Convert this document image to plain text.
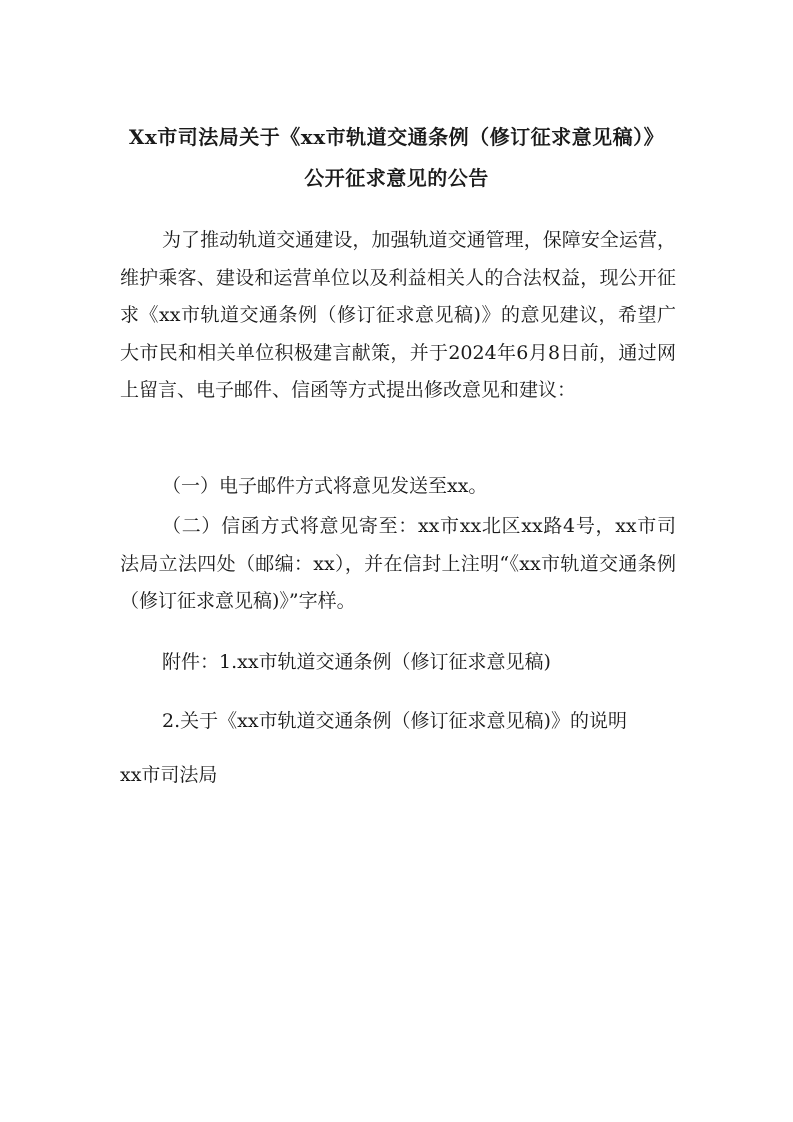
Xx市司法局关于《xx市轨道交通条例（修订征求意见稿）》
公开征求意见的公告

为了推动轨道交通建设，加强轨道交通管理，保障安全运营，维护乘客、建设和运营单位以及利益相关人的合法权益，现公开征求《xx市轨道交通条例（修订征求意见稿)》的意见建议，希望广大市民和相关单位积极建言献策，并于2024年6月8日前，通过网上留言、电子邮件、信函等方式提出修改意见和建议：

（一）电子邮件方式将意见发送至xx。

（二）信函方式将意见寄至：xx市xx北区xx路4号，xx市司法局立法四处（邮编：xx），并在信封上注明“《xx市轨道交通条例（修订征求意见稿)》”字样。

附件：1.xx市轨道交通条例（修订征求意见稿)
2.关于《xx市轨道交通条例（修订征求意见稿)》的说明
xx市司法局
